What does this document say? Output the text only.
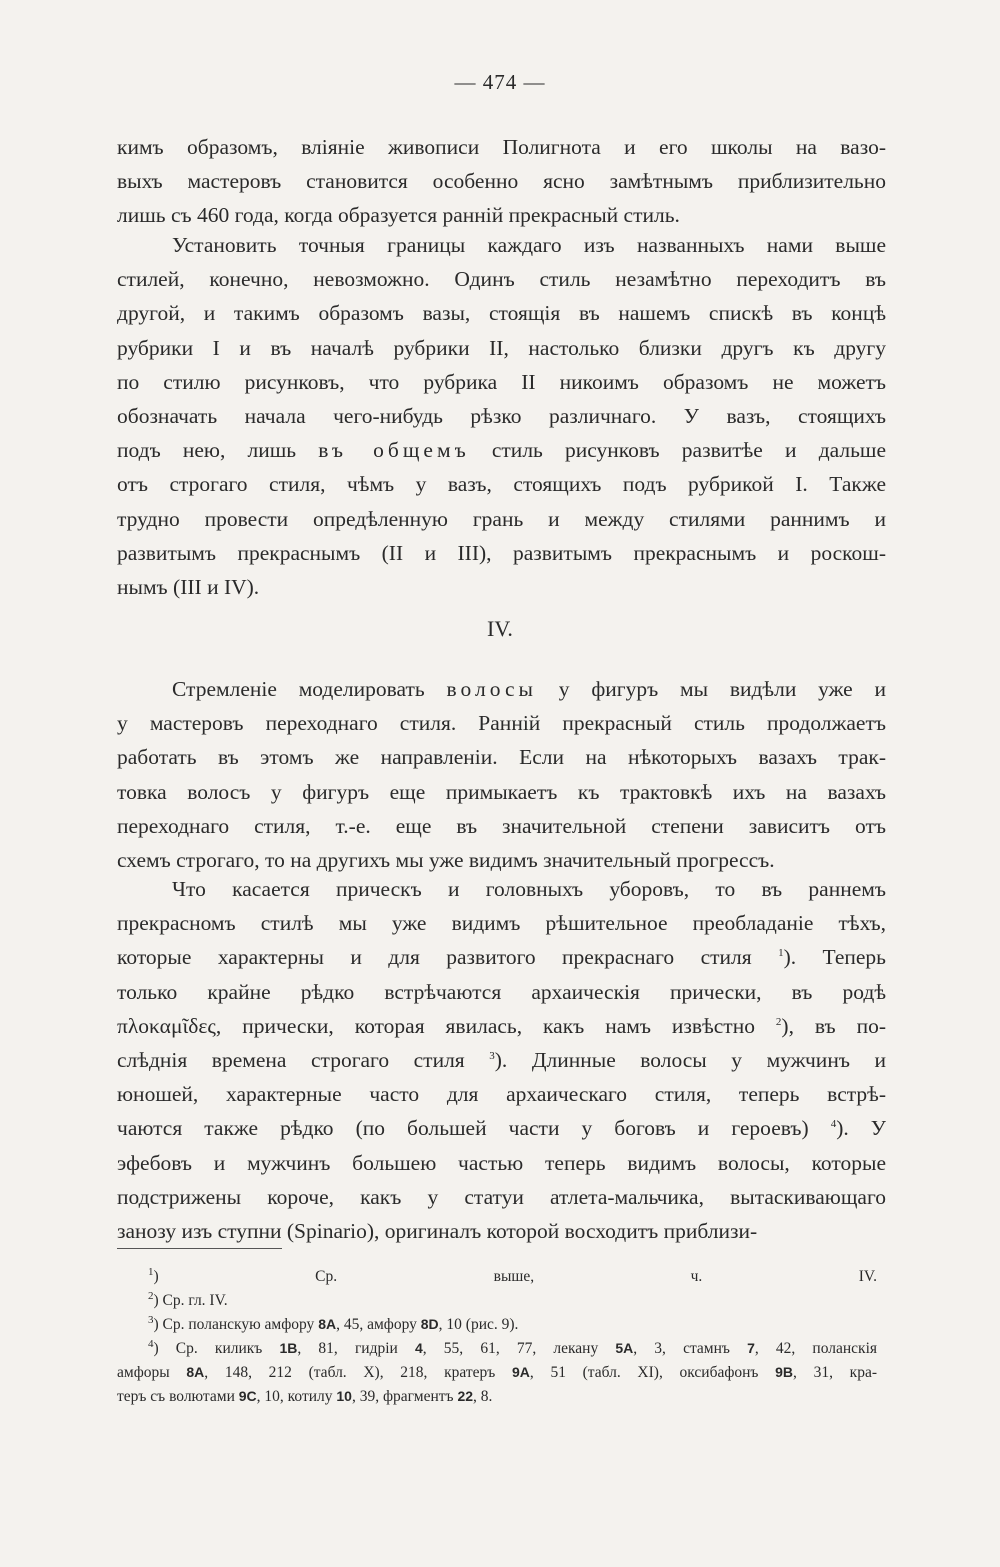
— 474 —
кимъ образомъ, вліяніе живописи Полигнота и его школы на вазо-
выхъ мастеровъ становится особенно ясно замѣтнымъ приблизительно
лишь съ 460 года, когда образуется ранній прекрасный стиль.
Установить точныя границы каждаго изъ названныхъ нами выше
стилей, конечно, невозможно. Одинъ стиль незамѣтно переходитъ въ
другой, и такимъ образомъ вазы, стоящія въ нашемъ спискѣ въ концѣ
рубрики I и въ началѣ рубрики II, настолько близки другъ къ другу
по стилю рисунковъ, что рубрика II никоимъ образомъ не можетъ
обозначать начала чего-нибудь рѣзко различнаго. У вазъ, стоящихъ
подъ нею, лишь въ общемъ стиль рисунковъ развитѣе и дальше
отъ строгаго стиля, чѣмъ у вазъ, стоящихъ подъ рубрикой I. Также
трудно провести опредѣленную грань и между стилями раннимъ и
развитымъ прекраснымъ (II и III), развитымъ прекраснымъ и роскош-
нымъ (III и IV).
Стремленіе моделировать волосы у фигуръ мы видѣли уже и
у мастеровъ переходнаго стиля. Ранній прекрасный стиль продолжаетъ
работать въ этомъ же направленіи. Если на нѣкоторыхъ вазахъ трак-
товка волосъ у фигуръ еще примыкаетъ къ трактовкѣ ихъ на вазахъ
переходнаго стиля, т.-е. еще въ значительной степени зависитъ отъ
схемъ строгаго, то на другихъ мы уже видимъ значительный прогрессъ.
Что касается прическъ и головныхъ уборовъ, то въ раннемъ
прекрасномъ стилѣ мы уже видимъ рѣшительное преобладаніе тѣхъ,
которые характерны и для развитого прекраснаго стиля $^1$). Теперь
только крайне рѣдко встрѣчаются архаическія прически, въ родѣ
πλοκαμῖδες, прически, которая явилась, какъ намъ извѣстно $^2$), въ по-
слѣднія времена строгаго стиля $^3$). Длинные волосы у мужчинъ и
юношей, характерные часто для архаическаго стиля, теперь встрѣ-
чаются также рѣдко (по большей части у боговъ и героевъ) $^4$). У
эфебовъ и мужчинъ большею частью теперь видимъ волосы, которые
подстрижены короче, какъ у статуи атлета-мальчика, вытаскивающаго
занозу изъ ступни (Spinario), оригиналъ которой восходитъ приблизи-
IV.
$^1$) Ср. выше, ч. IV.
$^2$) Ср. гл. IV.
$^3$) Ср. поланскую амфору 8A, 45, амфору 8D, 10 (рис. 9).
$^4$) Ср. киликъ 1B, 81, гидріи 4, 55, 61, 77, лекану 5A, 3, стамнъ 7, 42, поланскія
амфоры 8A, 148, 212 (табл. X), 218, кратеръ 9A, 51 (табл. XI), оксибафонъ 9B, 31, кра-
теръ съ волютами 9C, 10, котилу 10, 39, фрагментъ 22, 8.
